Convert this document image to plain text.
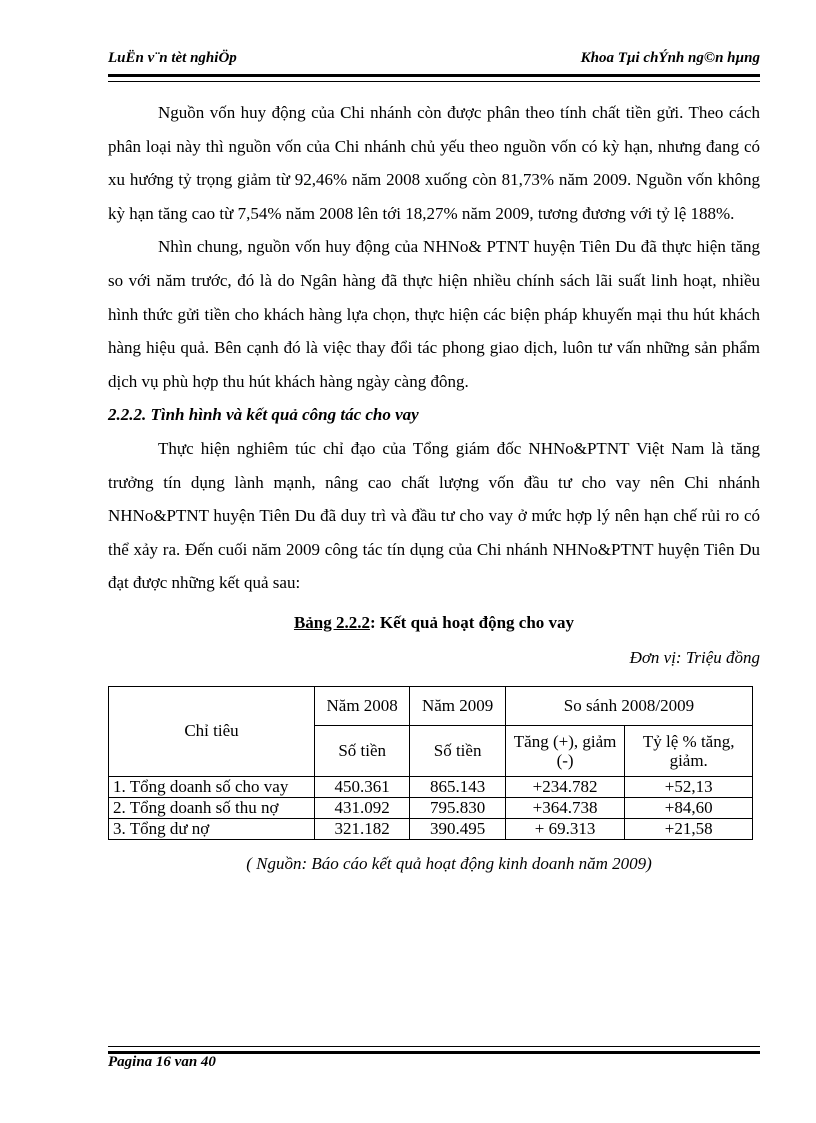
LuËn v¨n tèt nghiÖp	Khoa Tµi chÝnh ng©n hµng

Nguồn vốn huy động của Chi nhánh còn được phân theo tính chất tiền gửi. Theo cách phân loại này thì nguồn vốn của Chi nhánh chủ yếu theo nguồn vốn có kỳ hạn, nhưng đang có xu hướng tỷ trọng giảm từ 92,46% năm 2008 xuống còn 81,73% năm 2009. Nguồn vốn không kỳ hạn tăng cao từ 7,54% năm 2008 lên tới 18,27% năm 2009, tương đương với tỷ lệ 188%.

Nhìn chung, nguồn vốn huy động của NHNo& PTNT huyện Tiên Du đã thực hiện tăng so với năm trước, đó là do Ngân hàng đã thực hiện nhiều chính sách lãi suất linh hoạt, nhiều hình thức gửi tiền cho khách hàng lựa chọn, thực hiện các biện pháp khuyến mại thu hút khách hàng hiệu quả. Bên cạnh đó là việc thay đổi tác phong giao dịch, luôn tư vấn những sản phẩm dịch vụ phù hợp thu hút khách hàng ngày càng đông.

2.2.2. Tình hình và kết quả công tác cho vay

Thực hiện nghiêm túc chỉ đạo của Tổng giám đốc NHNo&PTNT Việt Nam là tăng trưởng tín dụng lành mạnh, nâng cao chất lượng vốn đầu tư cho vay nên Chi nhánh NHNo&PTNT huyện Tiên Du đã duy trì và đầu tư cho vay ở mức hợp lý nên hạn chế rủi ro có thể xảy ra. Đến cuối năm 2009 công tác tín dụng của Chi nhánh NHNo&PTNT huyện Tiên Du đạt được những kết quả sau:

Bảng 2.2.2: Kết quả hoạt động cho vay
Đơn vị: Triệu đồng
Chỉ tiêu	Năm 2008	Năm 2009	So sánh 2008/2009	
	Số tiền	Số tiền	Tăng (+), giảm (-)	Tỷ lệ % tăng, giảm.
1. Tổng doanh số cho vay	450.361	865.143	+234.782	+52,13
2. Tổng doanh số thu nợ	431.092	795.830	+364.738	+84,60
3. Tổng dư nợ	321.182	390.495	+ 69.313	+21,58
( Nguồn: Báo cáo kết quả hoạt động kinh doanh năm 2009)
Pagina 16 van 40
